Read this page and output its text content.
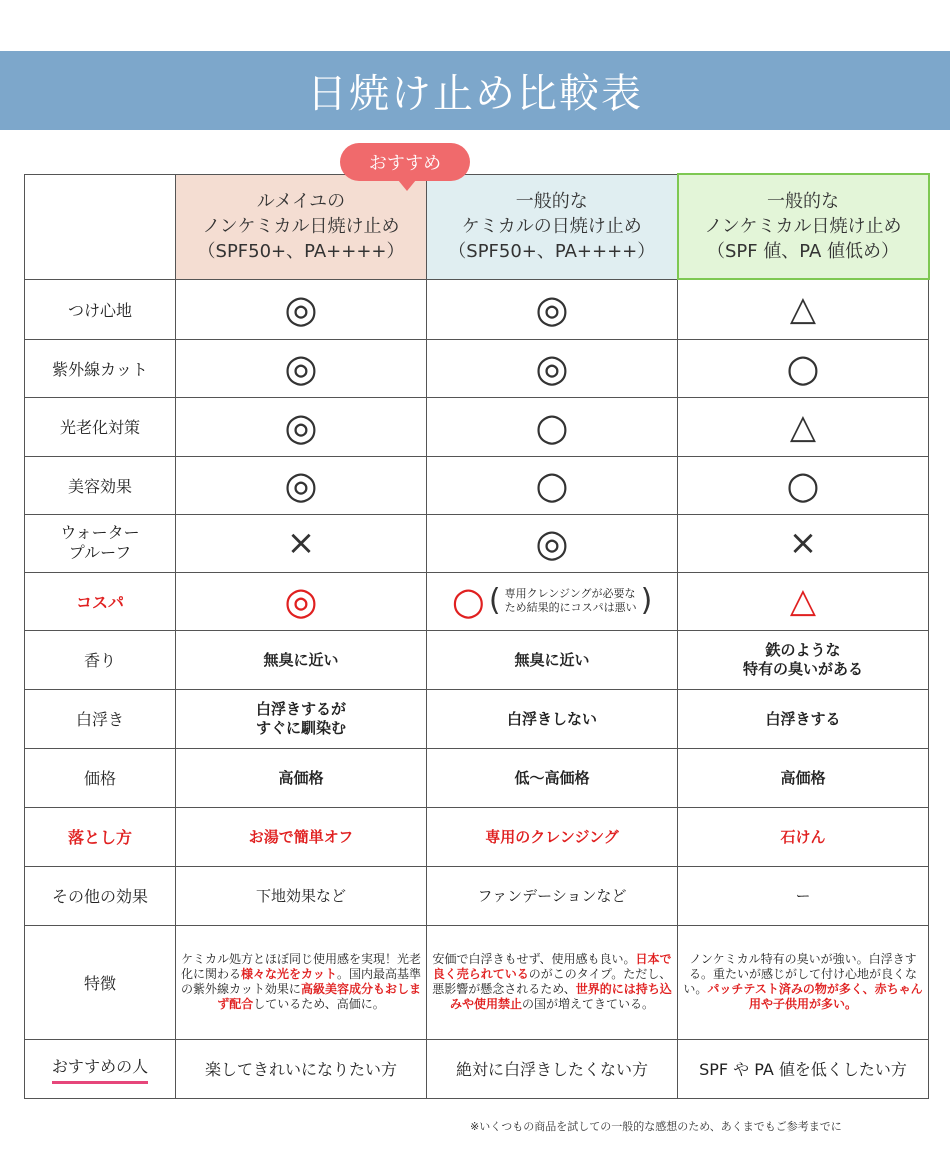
日焼け止め比較表
おすすめ

	ルメイユの
ノンケミカル日焼け止め
（SPF50+、PA++++）	一般的な
ケミカルの日焼け止め
（SPF50+、PA++++）	一般的な
ノンケミカル日焼け止め
（SPF 値、PA 値低め）

つけ心地	◎	◎	△
紫外線カット	◎	◎	○
光老化対策	◎	○	△
美容効果	◎	○	○

ウォーター
プルーフ	×	◎	×
コスパ	◎	○ ( 専用クレンジングが必要な
ため結果的にコスパは悪い )	△
香り	無臭に近い	無臭に近い	鉄のような
特有の臭いがある

白浮き	白浮きするが
すぐに馴染む	白浮きしない	白浮きする
価格	高価格	低〜高価格	高価格
落とし方	お湯で簡単オフ	専用のクレンジング	石けん
その他の効果	下地効果など	ファンデーションなど	ー
特徴	ケミカル処方とほぼ同じ使用感を実現！光老化に関わる様々な光をカット。国内最高基準の紫外線カット効果に高級美容成分もおしまず配合しているため、高価に。	安価で白浮きもせず、使用感も良い。日本で良く売られているのがこのタイプ。ただし、悪影響が懸念されるため、世界的には持ち込みや使用禁止の国が増えてきている。	ノンケミカル特有の臭いが強い。白浮きする。重たいが感じがして付け心地が良くない。パッチテスト済みの物が多く、赤ちゃん用や子供用が多い。
おすすめの人	楽してきれいになりたい方	絶対に白浮きしたくない方	SPF や PA 値を低くしたい方
※いくつもの商品を試しての一般的な感想のため、あくまでもご参考までに
